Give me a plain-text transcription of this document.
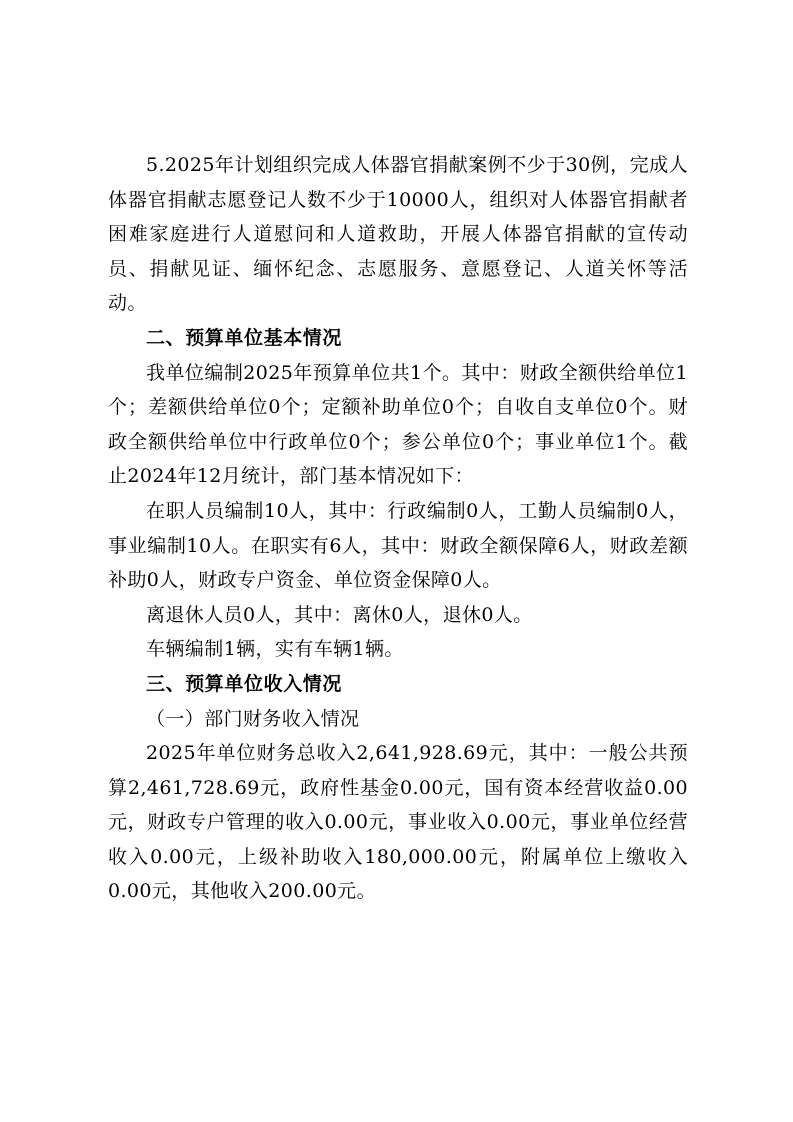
5.2025年计划组织完成人体器官捐献案例不少于30例，完成人体器官捐献志愿登记人数不少于10000人，组织对人体器官捐献者困难家庭进行人道慰问和人道救助，开展人体器官捐献的宣传动员、捐献见证、缅怀纪念、志愿服务、意愿登记、人道关怀等活动。

二、预算单位基本情况

我单位编制2025年预算单位共1个。其中：财政全额供给单位1个；差额供给单位0个；定额补助单位0个；自收自支单位0个。财政全额供给单位中行政单位0个；参公单位0个；事业单位1个。截止2024年12月统计，部门基本情况如下：

在职人员编制10人，其中：行政编制0人，工勤人员编制0人，事业编制10人。在职实有6人，其中：财政全额保障6人，财政差额补助0人，财政专户资金、单位资金保障0人。

离退休人员0人，其中：离休0人，退休0人。

车辆编制1辆，实有车辆1辆。

三、预算单位收入情况

（一）部门财务收入情况

2025年单位财务总收入2,641,928.69元，其中：一般公共预算2,461,728.69元，政府性基金0.00元，国有资本经营收益0.00元，财政专户管理的收入0.00元，事业收入0.00元，事业单位经营收入0.00元，上级补助收入180,000.00元，附属单位上缴收入0.00元，其他收入200.00元。
